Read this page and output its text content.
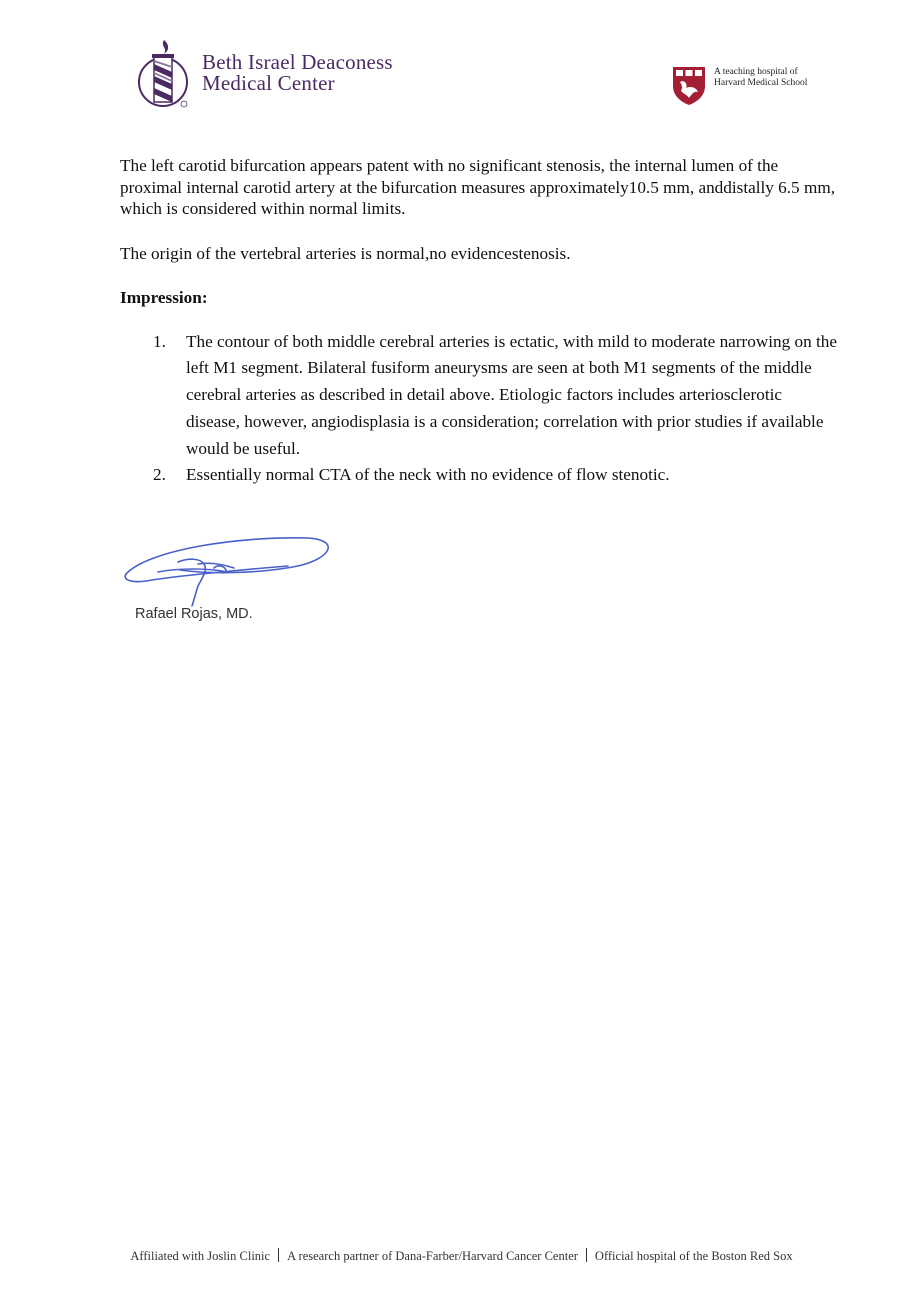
Beth Israel Deaconess
Medical Center	A teaching hospital of
Harvard Medical School

The left carotid bifurcation appears patent with no significant stenosis, the internal lumen of the proximal internal carotid artery at the bifurcation measures approximately10.5 mm, anddistally 6.5 mm, which is considered within normal limits.

The origin of the vertebral arteries is normal,no evidencestenosis.

Impression:

1. The contour of both middle cerebral arteries is ectatic, with mild to moderate narrowing on the left M1 segment. Bilateral fusiform aneurysms are seen at both M1 segments of the middle cerebral arteries as described in detail above. Etiologic factors includes arteriosclerotic disease, however, angiodisplasia is a consideration; correlation with prior studies if available would be useful.
2. Essentially normal CTA of the neck with no evidence of flow stenotic.
Rafael Rojas, MD.
Affiliated with Joslin Clinic A research partner of Dana-Farber/Harvard Cancer Center Official hospital of the Boston Red Sox
